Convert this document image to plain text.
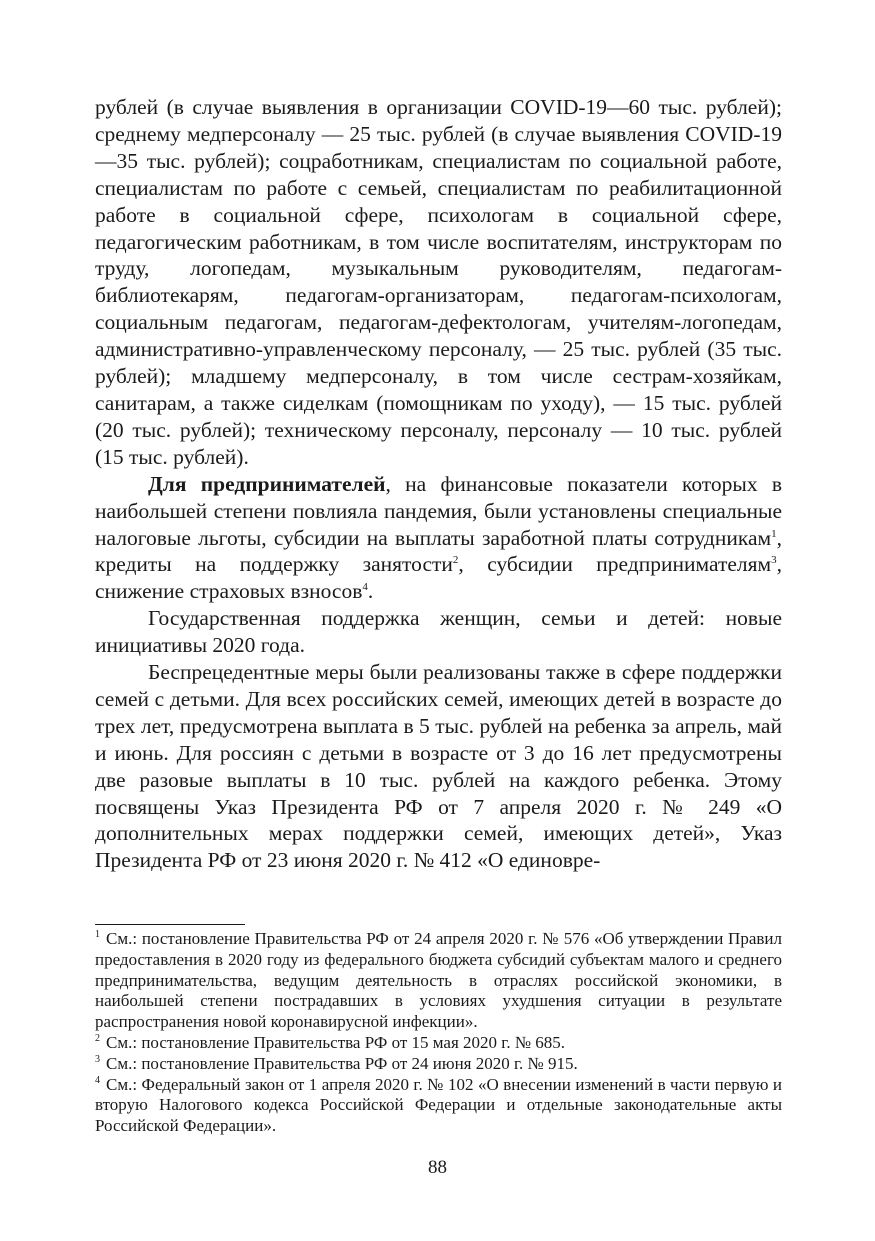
рублей (в случае выявления в организации COVID-19—60 тыс. рублей); среднему медперсоналу — 25 тыс. рублей (в случае выявления COVID-19—35 тыс. рублей); соцработникам, специалистам по социальной работе, специалистам по работе с семьей, специалистам по реабилитационной работе в социальной сфере, психологам в социальной сфере, педагогическим работникам, в том числе воспитателям, инструкторам по труду, логопедам, музыкальным руководителям, педагогам-библиотекарям, педагогам-организаторам, педагогам-психологам, социальным педагогам, педагогам-дефектологам, учителям-логопедам, административно-управленческому персоналу, — 25 тыс. рублей (35 тыс. рублей); младшему медперсоналу, в том числе сестрам-хозяйкам, санитарам, а также сиделкам (помощникам по уходу), — 15 тыс. рублей (20 тыс. рублей); техническому персоналу, персоналу — 10 тыс. рублей (15 тыс. рублей).

Для предпринимателей, на финансовые показатели которых в наибольшей степени повлияла пандемия, были установлены специальные налоговые льготы, субсидии на выплаты заработной платы сотрудникам$^1$, кредиты на поддержку занятости$^2$, субсидии предпринимателям$^3$, снижение страховых взносов$^4$.

Государственная поддержка женщин, семьи и детей: новые инициативы 2020 года.

Беспрецедентные меры были реализованы также в сфере поддержки семей с детьми. Для всех российских семей, имеющих детей в возрасте до трех лет, предусмотрена выплата в 5 тыс. рублей на ребенка за апрель, май и июнь. Для россиян с детьми в возрасте от 3 до 16 лет предусмотрены две разовые выплаты в 10 тыс. рублей на каждого ребенка. Этому посвящены Указ Президента РФ от 7 апреля 2020 г. № 249 «О дополнительных мерах поддержки семей, имеющих детей», Указ Президента РФ от 23 июня 2020 г. № 412 «О единовре-

$^1$ См.: постановление Правительства РФ от 24 апреля 2020 г. № 576 «Об утверждении Правил предоставления в 2020 году из федерального бюджета субсидий субъектам малого и среднего предпринимательства, ведущим деятельность в отраслях российской экономики, в наибольшей степени пострадавших в условиях ухудшения ситуации в результате распространения новой коронавирусной инфекции».

$^2$ См.: постановление Правительства РФ от 15 мая 2020 г. № 685.

$^3$ См.: постановление Правительства РФ от 24 июня 2020 г. № 915.

$^4$ См.: Федеральный закон от 1 апреля 2020 г. № 102 «О внесении изменений в части первую и вторую Налогового кодекса Российской Федерации и отдельные законодательные акты Российской Федерации».

88
